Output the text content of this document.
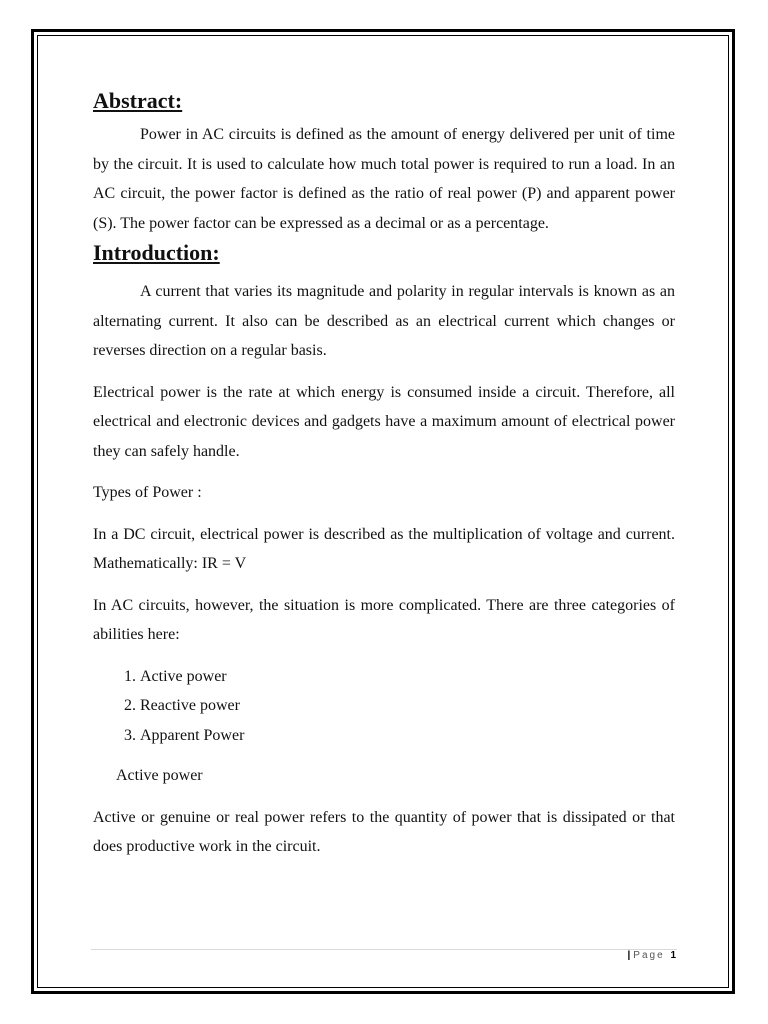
Abstract:

Power in AC circuits is defined as the amount of energy delivered per unit of time by the circuit. It is used to calculate how much total power is required to run a load. In an AC circuit, the power factor is defined as the ratio of real power (P) and apparent power (S). The power factor can be expressed as a decimal or as a percentage.

Introduction:

A current that varies its magnitude and polarity in regular intervals is known as an alternating current. It also can be described as an electrical current which changes or reverses direction on a regular basis.

Electrical power is the rate at which energy is consumed inside a circuit. Therefore, all electrical and electronic devices and gadgets have a maximum amount of electrical power they can safely handle.

Types of Power :

In a DC circuit, electrical power is described as the multiplication of voltage and current. Mathematically: IR = V

In AC circuits, however, the situation is more complicated. There are three categories of abilities here:

1. Active power
2. Reactive power
3. Apparent Power

Active power

Active or genuine or real power refers to the quantity of power that is dissipated or that does productive work in the circuit.

| Page 1
